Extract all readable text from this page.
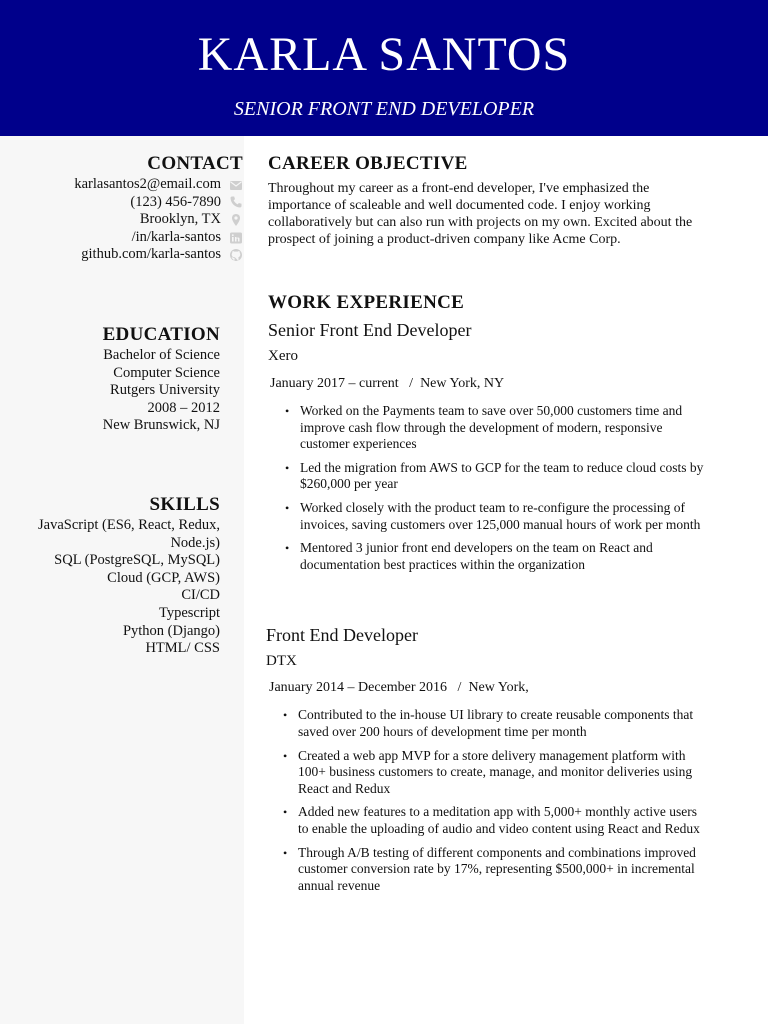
KARLA SANTOS
SENIOR FRONT END DEVELOPER
CONTACT
karlasantos2@email.com
(123) 456-7890
Brooklyn, TX
/in/karla-santos
github.com/karla-santos
EDUCATION
Bachelor of Science
Computer Science
Rutgers University
2008 – 2012
New Brunswick, NJ
SKILLS
JavaScript (ES6, React, Redux,
Node.js)
SQL (PostgreSQL, MySQL)
Cloud (GCP, AWS)
CI/CD
Typescript
Python (Django)
HTML/ CSS
CAREER OBJECTIVE

Throughout my career as a front-end developer, I've emphasized the importance of scaleable and well documented code. I enjoy working collaboratively but can also run with projects on my own. Excited about the prospect of joining a product-driven company like Acme Corp.

WORK EXPERIENCE
Senior Front End Developer
Xero
January 2017 – current   /  New York, NY
• Worked on the Payments team to save over 50,000 customers time and improve cash flow through the development of modern, responsive customer experiences
• Led the migration from AWS to GCP for the team to reduce cloud costs by $260,000 per year
• Worked closely with the product team to re-configure the processing of invoices, saving customers over 125,000 manual hours of work per month
• Mentored 3 junior front end developers on the team on React and documentation best practices within the organization
Front End Developer
DTX
January 2014 – December 2016   /  New York,
• Contributed to the in-house UI library to create reusable components that saved over 200 hours of development time per month
• Created a web app MVP for a store delivery management platform with 100+ business customers to create, manage, and monitor deliveries using React and Redux
• Added new features to a meditation app with 5,000+ monthly active users to enable the uploading of audio and video content using React and Redux
• Through A/B testing of different components and combinations improved customer conversion rate by 17%, representing $500,000+ in incremental annual revenue
